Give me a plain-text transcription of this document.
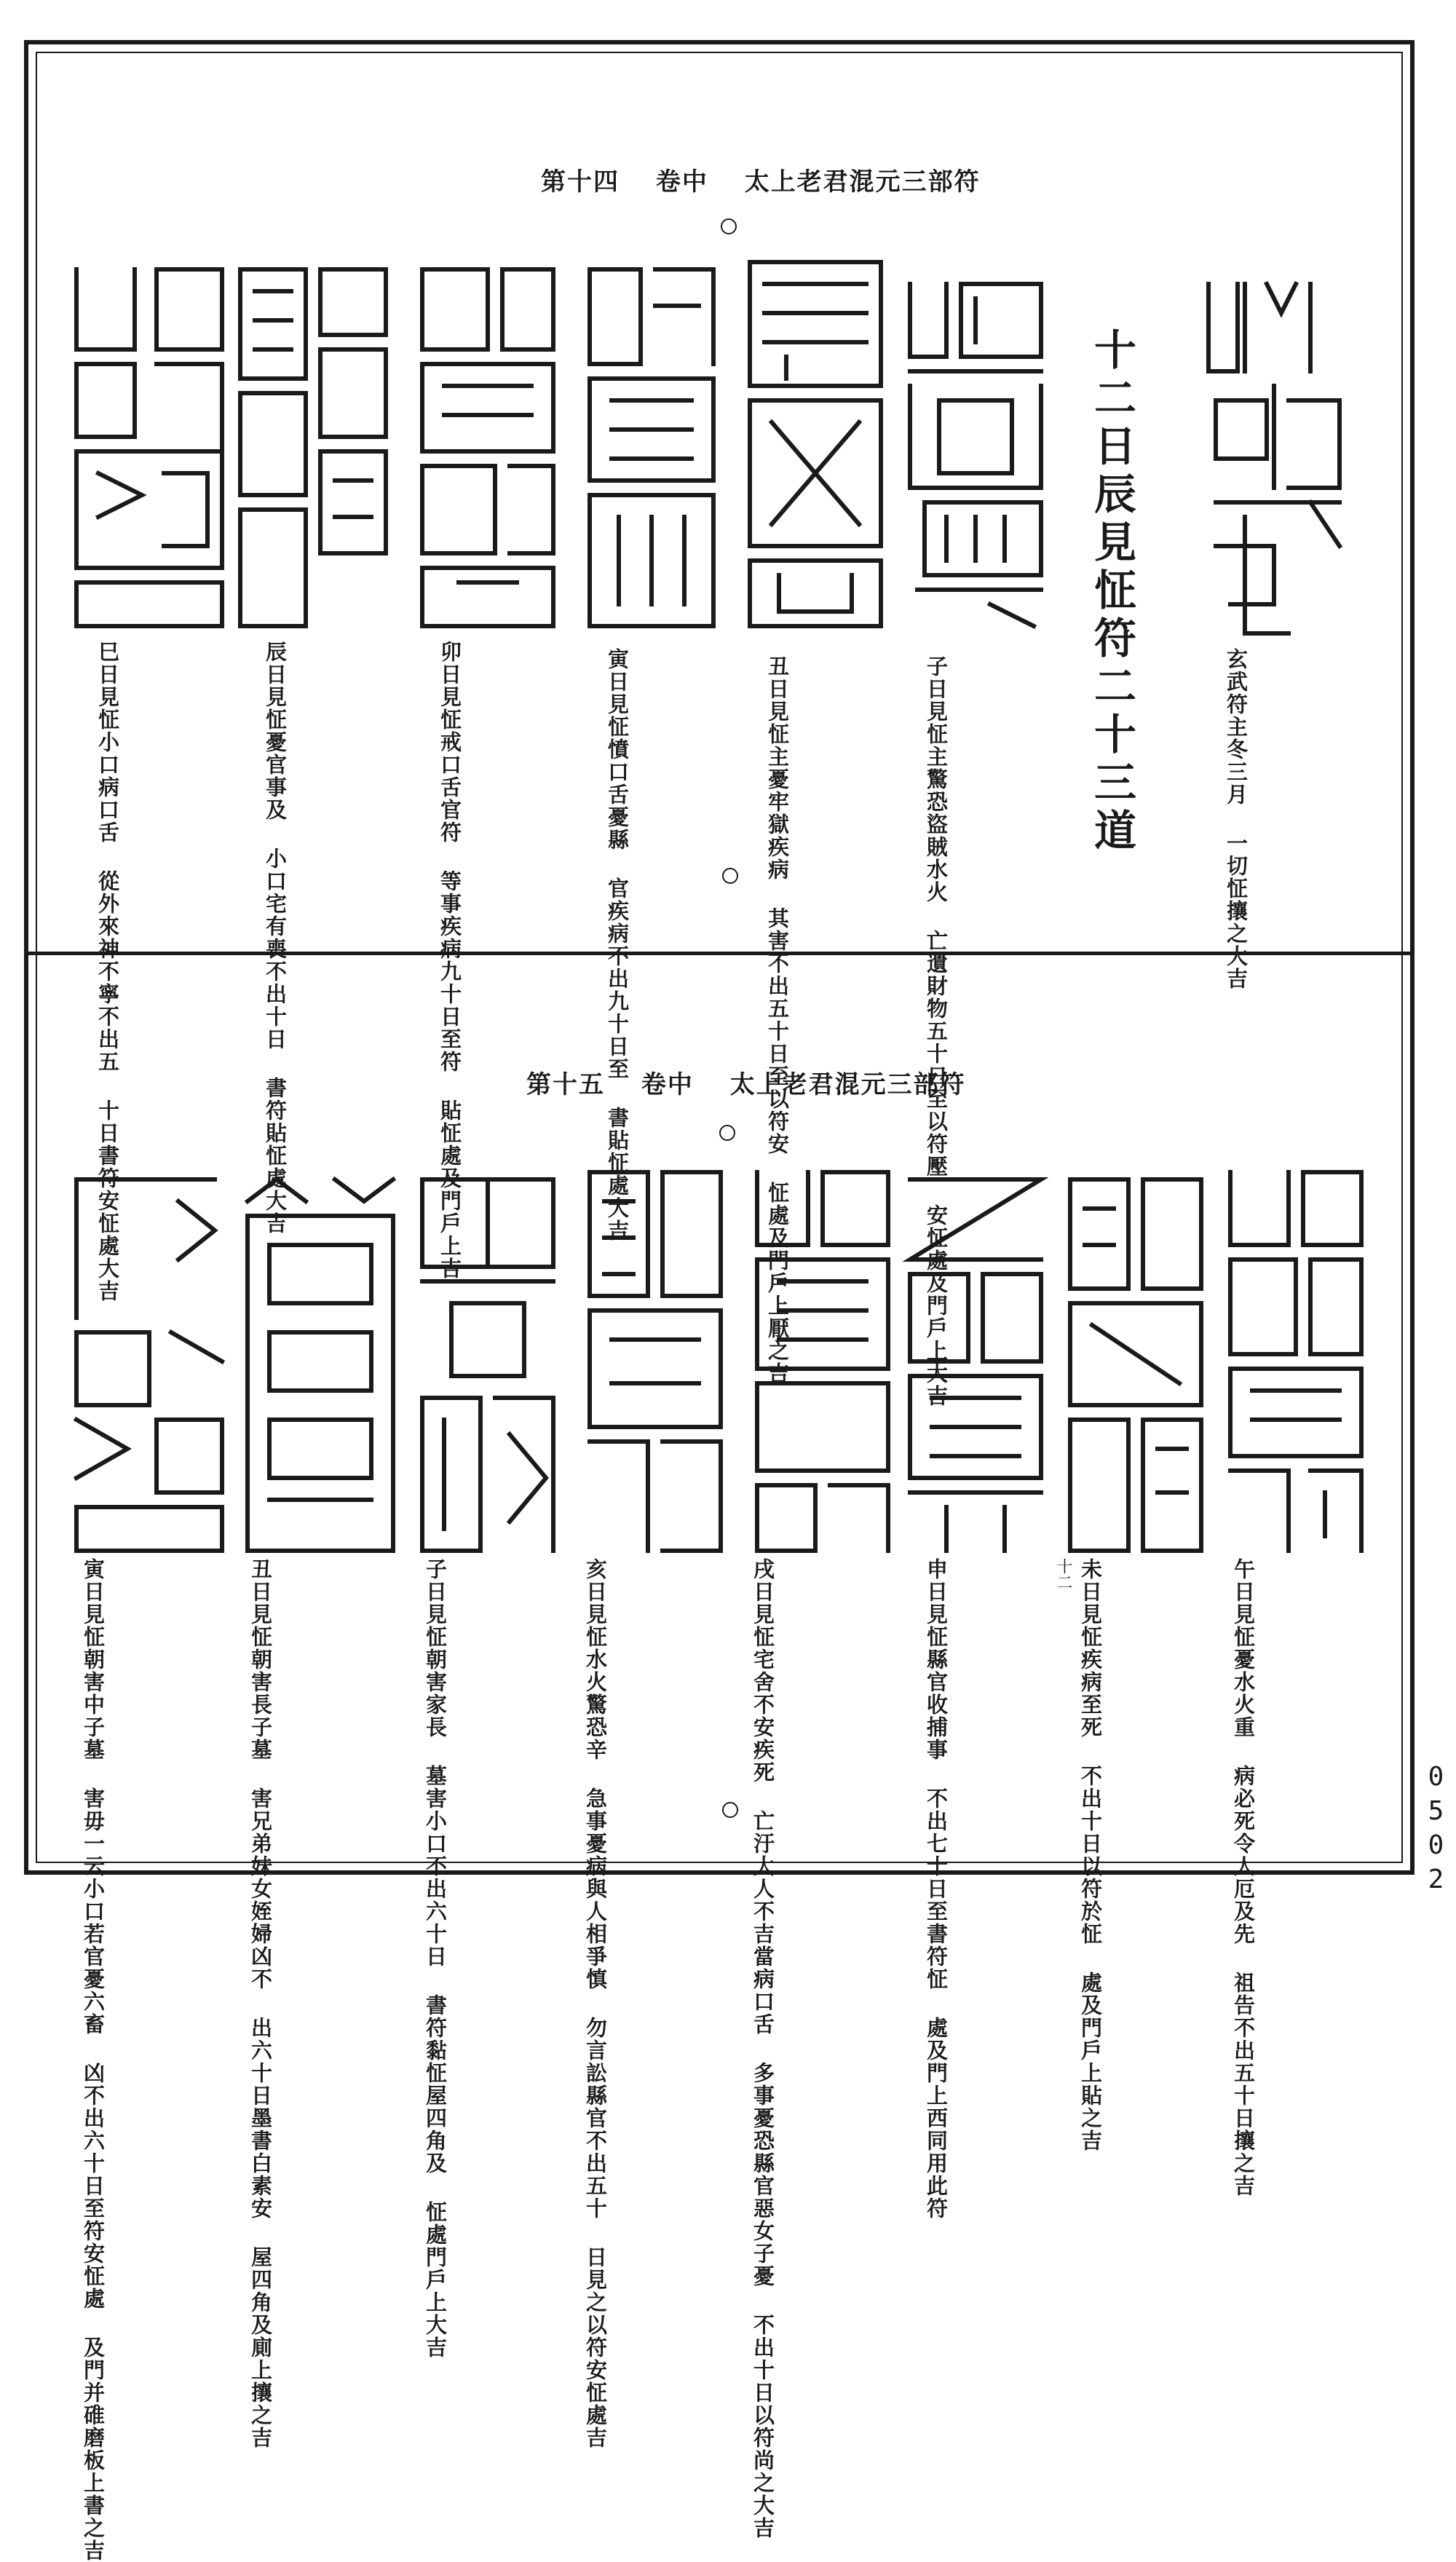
第十四 卷中 太上老君混元三部符
十二日辰見怔符二十三道	玄武符主冬三月 一切怔攘之大吉
子日見怔主驚恐盜賊水火 亡遺財物五十日至以符壓 安怔處及門戶上大吉
丑日見怔主憂牢獄疾病 其害不出五十日至以符安 怔處及門戶上厭之吉
寅日見怔憤口舌憂縣 官疾病不出九十日至 書貼怔處大吉
卯日見怔戒口舌官符 等事疾病九十日至符 貼怔處及門戶上吉
辰日見怔憂官事及 小口宅有喪不出十日 書符貼怔處大吉
巳日見怔小口病口舌 從外來神不寧不出五 十日書符安怔處大吉
第十五 卷中 太上老君混元三部符
午日見怔憂水火重 病必死令人厄及先 祖告不出五十日攘之吉
未日見怔疾病至死 不出十日以符於怔 處及門戶上貼之吉
十二
申日見怔縣官收捕事 不出七十日至書符怔 處及門上西同用此符
戌日見怔宅舍不安疾死 亡汙大人不吉當病口舌 多事憂恐縣官惡女子憂 不出十日以符尚之大吉
亥日見怔水火驚恐辛 急事憂病與人相爭慎 勿言訟縣官不出五十 日見之以符安怔處吉
子日見怔朝害家長 墓害小口不出六十日 書符黏怔屋四角及 怔處門戶上大吉
丑日見怔朝害長子墓 害兄弟妹女姪婦凶不 出六十日墨書白素安 屋四角及廁上攘之吉
寅日見怔朝害中子墓 害毋一云小口若官憂六畜 凶不出六十日至符安怔處 及門并碓磨板上書之吉
0502
